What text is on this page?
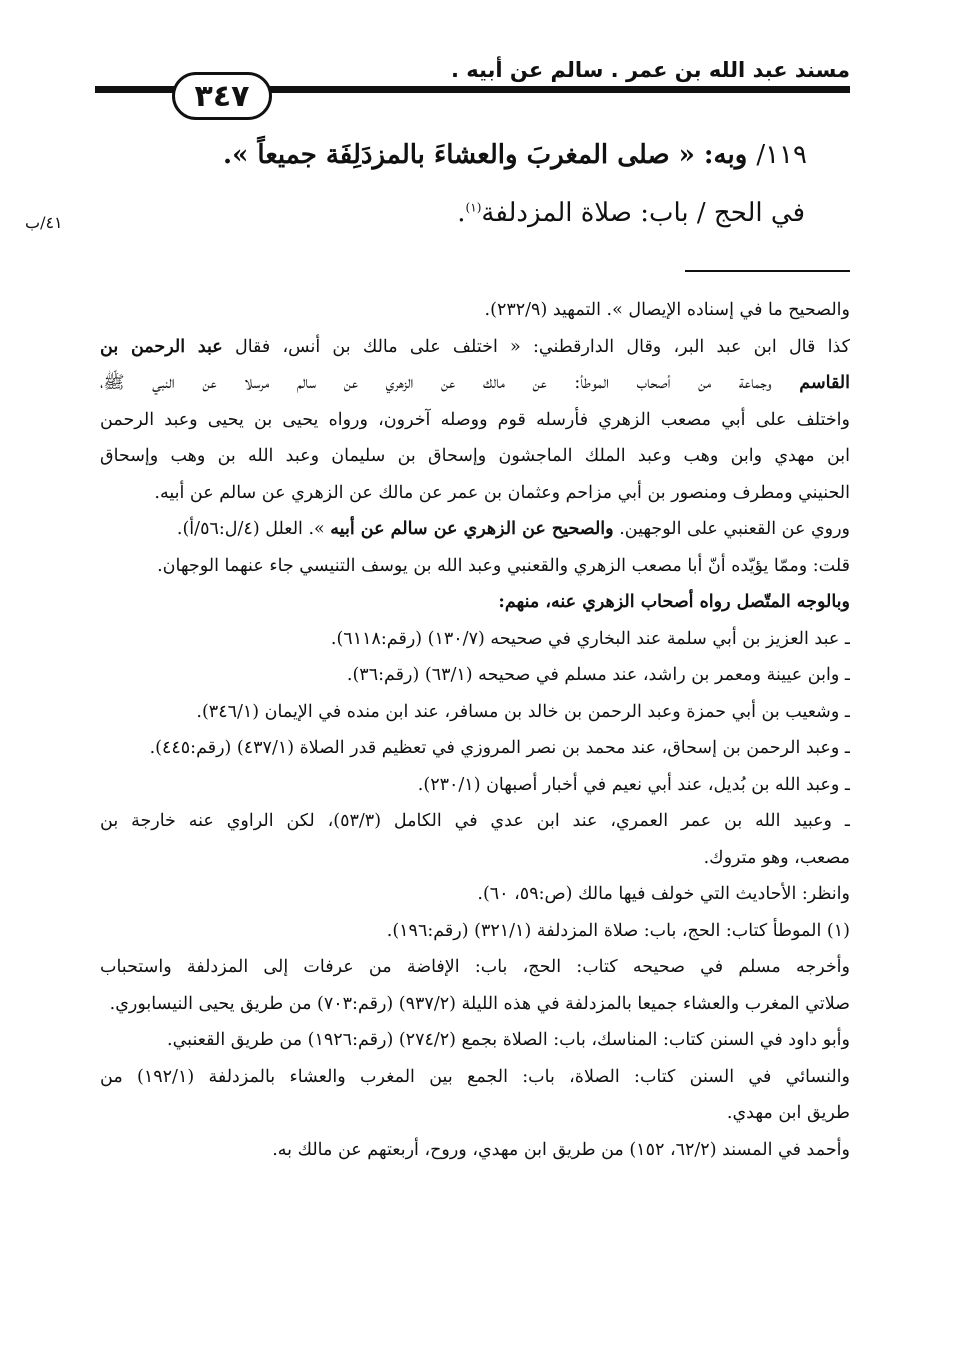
مسند عبد الله بن عمر . سالم عن أبيه .
٣٤٧
١١٩/ وبه: « صلى المغربَ والعشاءَ بالمزدَلِفَة جميعاً ».
في الحج / باب: صلاة المزدلفة$^{(١)}$.
٤١/ب
والصحيح ما في إسناده الإيصال ». التمهيد (٢٣٢/٩).
كذا قال ابن عبد البر، وقال الدارقطني: « اختلف على مالك بن أنس، فقال عبد الرحمن بن
القاسم وجماعة من أصحاب الموطأ: عن مالك عن الزهري عن سالم مرسلا عن النبي ﷺ،
واختلف على أبي مصعب الزهري فأرسله قوم ووصله آخرون، ورواه يحيى بن يحيى وعبد الرحمن
ابن مهدي وابن وهب وعبد الملك الماجشون وإسحاق بن سليمان وعبد الله بن وهب وإسحاق
الحنيني ومطرف ومنصور بن أبي مزاحم وعثمان بن عمر عن مالك عن الزهري عن سالم عن أبيه.
وروي عن القعنبي على الوجهين. والصحيح عن الزهري عن سالم عن أبيه ». العلل (٤/ل:٥٦/أ).
قلت: وممّا يؤيّده أنّ أبا مصعب الزهري والقعنبي وعبد الله بن يوسف التنيسي جاء عنهما الوجهان.
وبالوجه المتّصل رواه أصحاب الزهري عنه، منهم:
ـ عبد العزيز بن أبي سلمة عند البخاري في صحيحه (١٣٠/٧) (رقم:٦١١٨).
ـ وابن عيينة ومعمر بن راشد، عند مسلم في صحيحه (٦٣/١) (رقم:٣٦).
ـ وشعيب بن أبي حمزة وعبد الرحمن بن خالد بن مسافر، عند ابن منده في الإيمان (٣٤٦/١).
ـ وعبد الرحمن بن إسحاق، عند محمد بن نصر المروزي في تعظيم قدر الصلاة (٤٣٧/١) (رقم:٤٤٥).
ـ وعبد الله بن بُديل، عند أبي نعيم في أخبار أصبهان (٢٣٠/١).
ـ وعبيد الله بن عمر العمري، عند ابن عدي في الكامل (٥٣/٣)، لكن الراوي عنه خارجة بن
مصعب، وهو متروك.
وانظر: الأحاديث التي خولف فيها مالك (ص:٥٩، ٦٠).
(١) الموطأ كتاب: الحج، باب: صلاة المزدلفة (٣٢١/١) (رقم:١٩٦).
وأخرجه مسلم في صحيحه كتاب: الحج، باب: الإفاضة من عرفات إلى المزدلفة واستحباب
صلاتي المغرب والعشاء جميعا بالمزدلفة في هذه الليلة (٩٣٧/٢) (رقم:٧٠٣) من طريق يحيى النيسابوري.
وأبو داود في السنن كتاب: المناسك، باب: الصلاة بجمع (٢٧٤/٢) (رقم:١٩٢٦) من طريق القعنبي.
والنسائي في السنن كتاب: الصلاة، باب: الجمع بين المغرب والعشاء بالمزدلفة (١٩٢/١) من
طريق ابن مهدي.
وأحمد في المسند (٦٢/٢، ١٥٢) من طريق ابن مهدي، وروح، أربعتهم عن مالك به.
